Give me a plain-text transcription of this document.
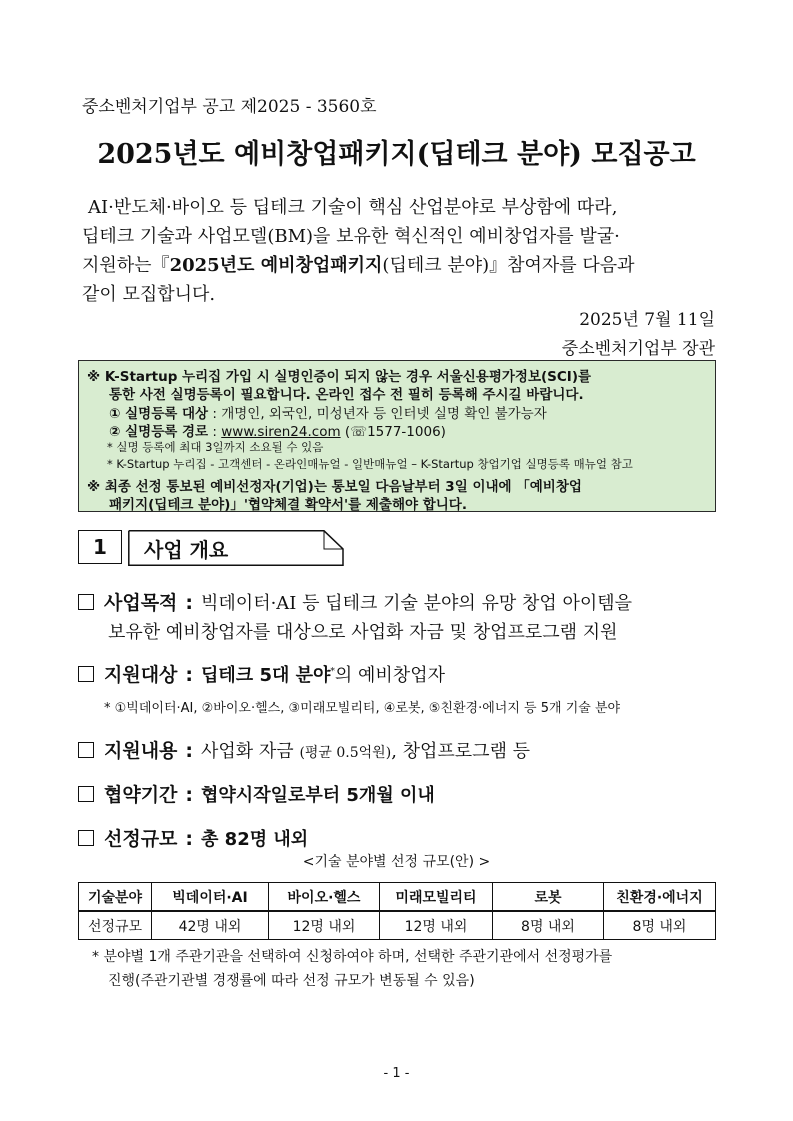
중소벤처기업부 공고 제2025 - 3560호
2025년도 예비창업패키지(딥테크 분야) 모집공고
AI·반도체·바이오 등 딥테크 기술이 핵심 산업분야로 부상함에 따라,
딥테크 기술과 사업모델(BM)을 보유한 혁신적인 예비창업자를 발굴·
지원하는『2025년도 예비창업패키지(딥테크 분야)』참여자를 다음과
같이 모집합니다.
2025년 7월 11일
중소벤처기업부 장관
※ K-Startup 누리집 가입 시 실명인증이 되지 않는 경우 서울신용평가정보(SCI)를
통한 사전 실명등록이 필요합니다. 온라인 접수 전 필히 등록해 주시길 바랍니다.
① 실명등록 대상 : 개명인, 외국인, 미성년자 등 인터넷 실명 확인 불가능자
② 실명등록 경로 : www.siren24.com (☏1577-1006)
* 실명 등록에 최대 3일까지 소요될 수 있음
* K-Startup 누리집 - 고객센터 - 온라인매뉴얼 - 일반매뉴얼 – K-Startup 창업기업 실명등록 매뉴얼 참고
※ 최종 선정 통보된 예비선정자(기업)는 통보일 다음날부터 3일 이내에 「예비창업
패키지(딥테크 분야)」'협약체결 확약서'를 제출해야 합니다.
1	사업 개요
사업목적 : 빅데이터·AI 등 딥테크 기술 분야의 유망 창업 아이템을
보유한 예비창업자를 대상으로 사업화 자금 및 창업프로그램 지원
지원대상 : 딥테크 5대 분야*의 예비창업자
* ①빅데이터·AI, ②바이오·헬스, ③미래모빌리티, ④로봇, ⑤친환경·에너지 등 5개 기술 분야
지원내용 : 사업화 자금 (평균 0.5억원), 창업프로그램 등
협약기간 : 협약시작일로부터 5개월 이내
선정규모 : 총 82명 내외
<기술 분야별 선정 규모(안) >
기술분야	빅데이터·AI	바이오·헬스	미래모빌리티	로봇	친환경·에너지
선정규모	42명 내외	12명 내외	12명 내외	8명 내외	8명 내외
* 분야별 1개 주관기관을 선택하여 신청하여야 하며, 선택한 주관기관에서 선정평가를
진행(주관기관별 경쟁률에 따라 선정 규모가 변동될 수 있음)
- 1 -
